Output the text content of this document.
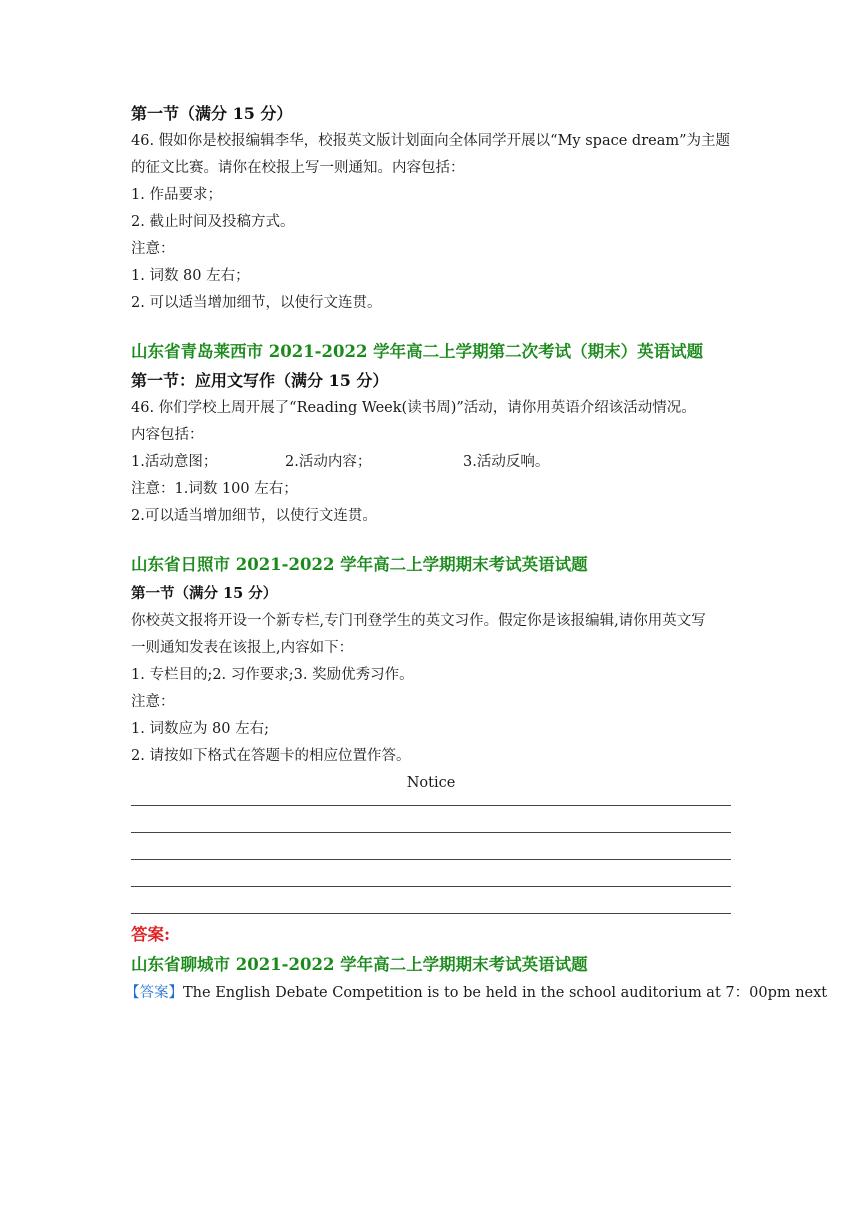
第一节（满分 15 分）
46. 假如你是校报编辑李华，校报英文版计划面向全体同学开展以“My space dream”为主题
的征文比赛。请你在校报上写一则通知。内容包括：
1. 作品要求；
2. 截止时间及投稿方式。
注意：
1. 词数 80 左右；
2. 可以适当增加细节，以使行文连贯。
山东省青岛莱西市 2021-2022 学年高二上学期第二次考试（期末）英语试题
第一节：应用文写作（满分 15 分）
46. 你们学校上周开展了“Reading Week(读书周)”活动，请你用英语介绍该活动情况。
内容包括：
1.活动意图；	2.活动内容；	3.活动反响。
注意：1.词数 100 左右；
2.可以适当增加细节，以使行文连贯。
山东省日照市 2021-2022 学年高二上学期期末考试英语试题
第一节（满分 15 分）
你校英文报将开设一个新专栏,专门刊登学生的英文习作。假定你是该报编辑,请你用英文写
一则通知发表在该报上,内容如下：
1. 专栏目的;2. 习作要求;3. 奖励优秀习作。
注意：
1. 词数应为 80 左右;
2. 请按如下格式在答题卡的相应位置作答。
Notice
答案:
山东省聊城市 2021-2022 学年高二上学期期末考试英语试题
【答案】The English Debate Competition is to be held in the school auditorium at 7：00pm next
